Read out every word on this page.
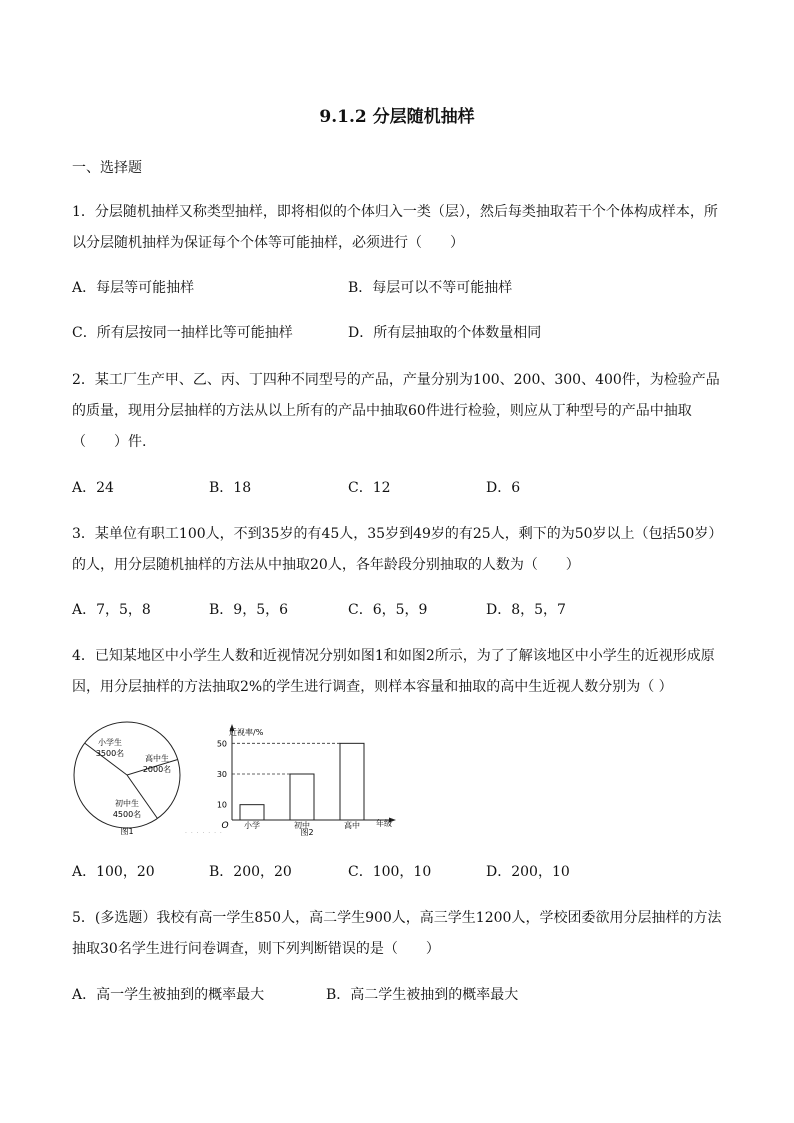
9.1.2 分层随机抽样
一、选择题
1．分层随机抽样又称类型抽样，即将相似的个体归入一类（层），然后每类抽取若干个个体构成样本，所
以分层随机抽样为保证每个个体等可能抽样，必须进行（　　）
A．每层等可能抽样	B．每层可以不等可能抽样
C．所有层按同一抽样比等可能抽样	D．所有层抽取的个体数量相同
2．某工厂生产甲、乙、丙、丁四种不同型号的产品，产量分别为100、200、300、400件，为检验产品
的质量，现用分层抽样的方法从以上所有的产品中抽取60件进行检验，则应从丁种型号的产品中抽取
（　　）件.
A．24	B．18	C．12	D．6
3．某单位有职工100人，不到35岁的有45人，35岁到49岁的有25人，剩下的为50岁以上（包括50岁）
的人，用分层随机抽样的方法从中抽取20人，各年龄段分别抽取的人数为（　　）
A．7，5，8	B．9，5，6	C．6，5，9	D．8，5，7
4．已知某地区中小学生人数和近视情况分别如图1和如图2所示，为了了解该地区中小学生的近视形成原
因，用分层抽样的方法抽取2%的学生进行调查，则样本容量和抽取的高中生近视人数分别为（ ）
小学生
3500名
高中生
2000名
初中生
4500名
图1
近视率/%
年级
O
图2
10
30
50
小学	初中	高中
· · · · · · ·
A．100，20	B．200，20	C．100，10	D．200，10
5．(多选题）我校有高一学生850人，高二学生900人，高三学生1200人，学校团委欲用分层抽样的方法
抽取30名学生进行问卷调查，则下列判断错误的是（　　）
A．高一学生被抽到的概率最大	B．高二学生被抽到的概率最大
